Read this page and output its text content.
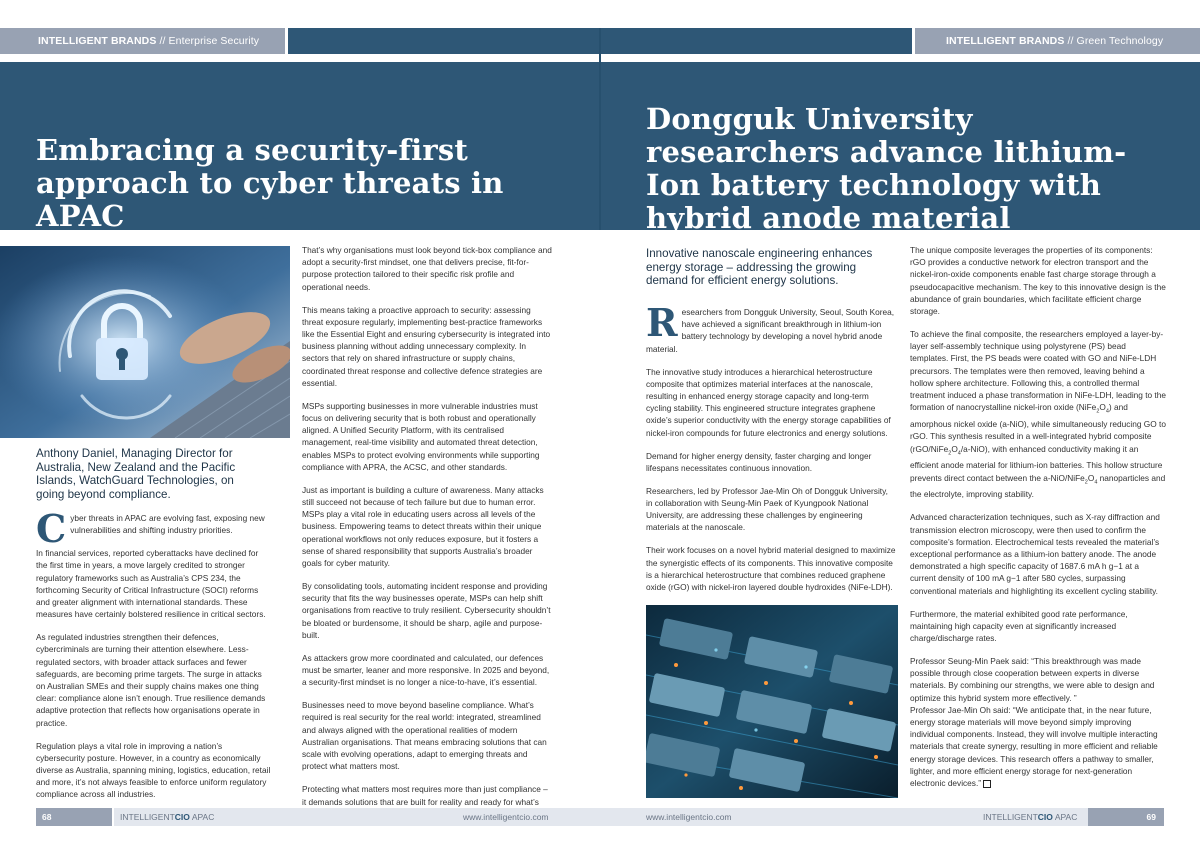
INTELLIGENT BRANDS // Enterprise Security	INTELLIGENT BRANDS // Green Technology
Embracing a security-first approach to cyber threats in APAC
Dongguk University researchers advance lithium-Ion battery technology with hybrid anode material
Anthony Daniel, Managing Director for Australia, New Zealand and the Pacific Islands, WatchGuard Technologies, on going beyond compliance.

Cyber threats in APAC are evolving fast, exposing new vulnerabilities and shifting industry priorities.

In financial services, reported cyberattacks have declined for the first time in years, a move largely credited to stronger regulatory frameworks such as Australia’s CPS 234, the forthcoming Security of Critical Infrastructure (SOCI) reforms and greater alignment with international standards. These measures have certainly bolstered resilience in critical sectors.

As regulated industries strengthen their defences, cybercriminals are turning their attention elsewhere. Less-regulated sectors, with broader attack surfaces and fewer safeguards, are becoming prime targets. The surge in attacks on Australian SMEs and their supply chains makes one thing clear: compliance alone isn’t enough. True resilience demands adaptive protection that reflects how organisations operate in practice.

Regulation plays a vital role in improving a nation’s cybersecurity posture. However, in a country as economically diverse as Australia, spanning mining, logistics, education, retail and more, it’s not always feasible to enforce uniform regulatory compliance across all industries.

That’s why organisations must look beyond tick-box compliance and adopt a security-first mindset, one that delivers precise, fit-for-purpose protection tailored to their specific risk profile and operational needs.

This means taking a proactive approach to security: assessing threat exposure regularly, implementing best-practice frameworks like the Essential Eight and ensuring cybersecurity is integrated into business planning without adding unnecessary complexity. In sectors that rely on shared infrastructure or supply chains, coordinated threat response and collective defence strategies are essential.

MSPs supporting businesses in more vulnerable industries must focus on delivering security that is both robust and operationally aligned. A Unified Security Platform, with its centralised management, real-time visibility and automated threat detection, enables MSPs to protect evolving environments while supporting compliance with APRA, the ACSC, and other standards.

Just as important is building a culture of awareness. Many attacks still succeed not because of tech failure but due to human error. MSPs play a vital role in educating users across all levels of the business. Empowering teams to detect threats within their unique operational workflows not only reduces exposure, but it fosters a sense of shared responsibility that supports Australia’s broader goals for cyber maturity.

By consolidating tools, automating incident response and providing security that fits the way businesses operate, MSPs can help shift organisations from reactive to truly resilient. Cybersecurity shouldn’t be bloated or burdensome, it should be sharp, agile and purpose-built.

As attackers grow more coordinated and calculated, our defences must be smarter, leaner and more responsive. In 2025 and beyond, a security-first mindset is no longer a nice-to-have, it’s essential.

Businesses need to move beyond baseline compliance. What’s required is real security for the real world: integrated, streamlined and always aligned with the operational realities of modern Australian organisations. That means embracing solutions that can scale with evolving operations, adapt to emerging threats and protect what matters most.

Protecting what matters most requires more than just compliance – it demands solutions that are built for reality and ready for what’s

Innovative nanoscale engineering enhances energy storage – addressing the growing demand for efficient energy solutions.

Researchers from Dongguk University, Seoul, South Korea, have achieved a significant breakthrough in lithium-ion battery technology by developing a novel hybrid anode material.

The innovative study introduces a hierarchical heterostructure composite that optimizes material interfaces at the nanoscale, resulting in enhanced energy storage capacity and long-term cycling stability. This engineered structure integrates graphene oxide’s superior conductivity with the energy storage capabilities of nickel-iron compounds for future electronics and energy solutions.

Demand for higher energy density, faster charging and longer lifespans necessitates continuous innovation.

Researchers, led by Professor Jae-Min Oh of Dongguk University, in collaboration with Seung-Min Paek of Kyungpook National University, are addressing these challenges by engineering materials at the nanoscale.

Their work focuses on a novel hybrid material designed to maximize the synergistic effects of its components. This innovative composite is a hierarchical heterostructure that combines reduced graphene oxide (rGO) with nickel-iron layered double hydroxides (NiFe-LDH).

The unique composite leverages the properties of its components: rGO provides a conductive network for electron transport and the nickel-iron-oxide components enable fast charge storage through a pseudocapacitive mechanism. The key to this innovative design is the abundance of grain boundaries, which facilitate efficient charge storage.

To achieve the final composite, the researchers employed a layer-by-layer self-assembly technique using polystyrene (PS) bead templates. First, the PS beads were coated with GO and NiFe-LDH precursors. The templates were then removed, leaving behind a hollow sphere architecture. Following this, a controlled thermal treatment induced a phase transformation in NiFe-LDH, leading to the formation of nanocrystalline nickel-iron oxide $(NiFe_2O_4)$ and amorphous nickel oxide (a-NiO), while simultaneously reducing GO to rGO. This synthesis resulted in a well-integrated hybrid composite $(rGO/NiFe_2O_4/a-NiO)$, with enhanced conductivity making it an efficient anode material for lithium-ion batteries. This hollow structure prevents direct contact between the $a-NiO/NiFe_2O_4$ nanoparticles and the electrolyte, improving stability.

Advanced characterization techniques, such as X-ray diffraction and transmission electron microscopy, were then used to confirm the composite’s formation. Electrochemical tests revealed the material’s exceptional performance as a lithium-ion battery anode. The anode demonstrated a high specific capacity of 1687.6 mA h g−1 at a current density of 100 mA g−1 after 580 cycles, surpassing conventional materials and highlighting its excellent cycling stability.

Furthermore, the material exhibited good rate performance, maintaining high capacity even at significantly increased charge/discharge rates.

Professor Seung-Min Paek said: “This breakthrough was made possible through close cooperation between experts in diverse materials. By combining our strengths, we were able to design and optimize this hybrid system more effectively. ”

Professor Jae-Min Oh said: “We anticipate that, in the near future, energy storage materials will move beyond simply improving individual components. Instead, they will involve multiple interacting materials that create synergy, resulting in more efficient and reliable energy storage devices. This research offers a pathway to smaller, lighter, and more efficient energy storage for next-generation electronic devices.”

68	INTELLIGENTCIO APAC	www.intelligentcio.com	www.intelligentcio.com	INTELLIGENTCIO APAC	69
